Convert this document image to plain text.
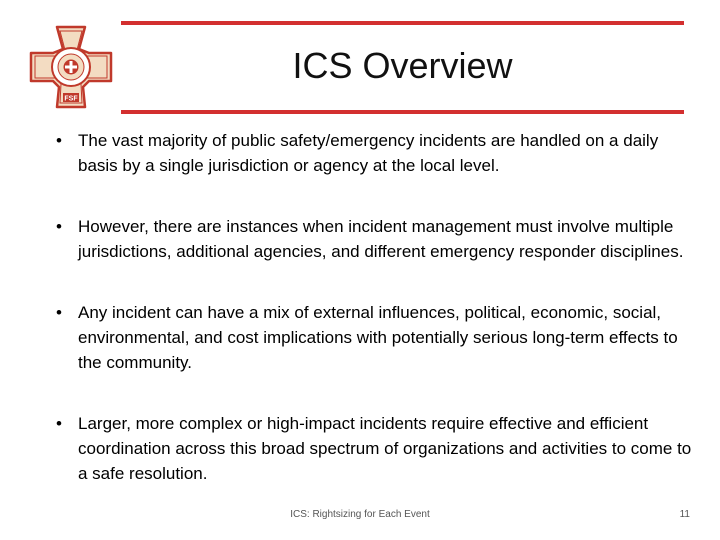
FSF
ICS Overview
• The vast majority of public safety/emergency incidents are handled on a daily basis by a single jurisdiction or agency at the local level.
• However, there are instances when incident management must involve multiple jurisdictions, additional agencies, and different emergency responder disciplines.
• Any incident can have a mix of external influences, political, economic, social, environmental, and cost implications with potentially serious long-term effects to the community.
• Larger, more complex or high-impact incidents require effective and efficient coordination across this broad spectrum of organizations and activities to come to a safe resolution.
ICS: Rightsizing for Each Event	11
